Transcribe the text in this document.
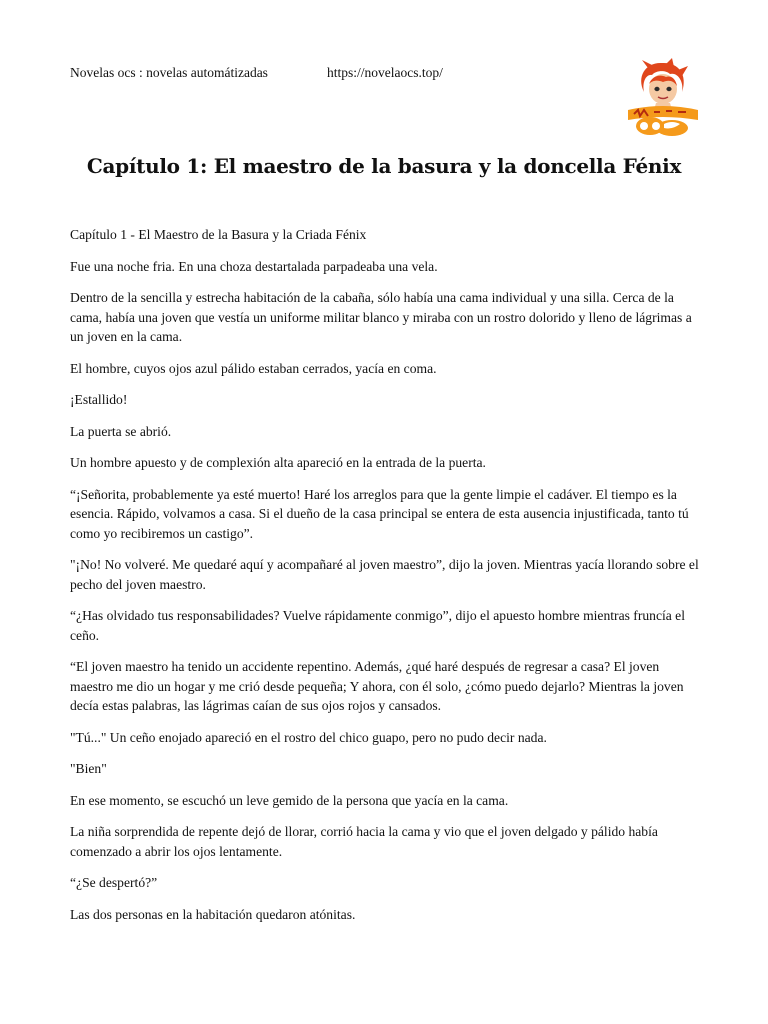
Novelas ocs : novelas automátizadas	https://novelaocs.top/
Capítulo 1: El maestro de la basura y la doncella Fénix

Capítulo 1 - El Maestro de la Basura y la Criada Fénix

Fue una noche fria. En una choza destartalada parpadeaba una vela.

Dentro de la sencilla y estrecha habitación de la cabaña, sólo había una cama individual y una silla. Cerca de la cama, había una joven que vestía un uniforme militar blanco y miraba con un rostro dolorido y lleno de lágrimas a un joven en la cama.

El hombre, cuyos ojos azul pálido estaban cerrados, yacía en coma.

¡Estallido!

La puerta se abrió.

Un hombre apuesto y de complexión alta apareció en la entrada de la puerta.

“¡Señorita, probablemente ya esté muerto! Haré los arreglos para que la gente limpie el cadáver. El tiempo es la esencia. Rápido, volvamos a casa. Si el dueño de la casa principal se entera de esta ausencia injustificada, tanto tú como yo recibiremos un castigo”.

"¡No! No volveré. Me quedaré aquí y acompañaré al joven maestro”, dijo la joven. Mientras yacía llorando sobre el pecho del joven maestro.

“¿Has olvidado tus responsabilidades? Vuelve rápidamente conmigo”, dijo el apuesto hombre mientras fruncía el ceño.

“El joven maestro ha tenido un accidente repentino. Además, ¿qué haré después de regresar a casa? El joven maestro me dio un hogar y me crió desde pequeña; Y ahora, con él solo, ¿cómo puedo dejarlo? Mientras la joven decía estas palabras, las lágrimas caían de sus ojos rojos y cansados.

"Tú..." Un ceño enojado apareció en el rostro del chico guapo, pero no pudo decir nada.

"Bien"

En ese momento, se escuchó un leve gemido de la persona que yacía en la cama.

La niña sorprendida de repente dejó de llorar, corrió hacia la cama y vio que el joven delgado y pálido había comenzado a abrir los ojos lentamente.

“¿Se despertó?”

Las dos personas en la habitación quedaron atónitas.
